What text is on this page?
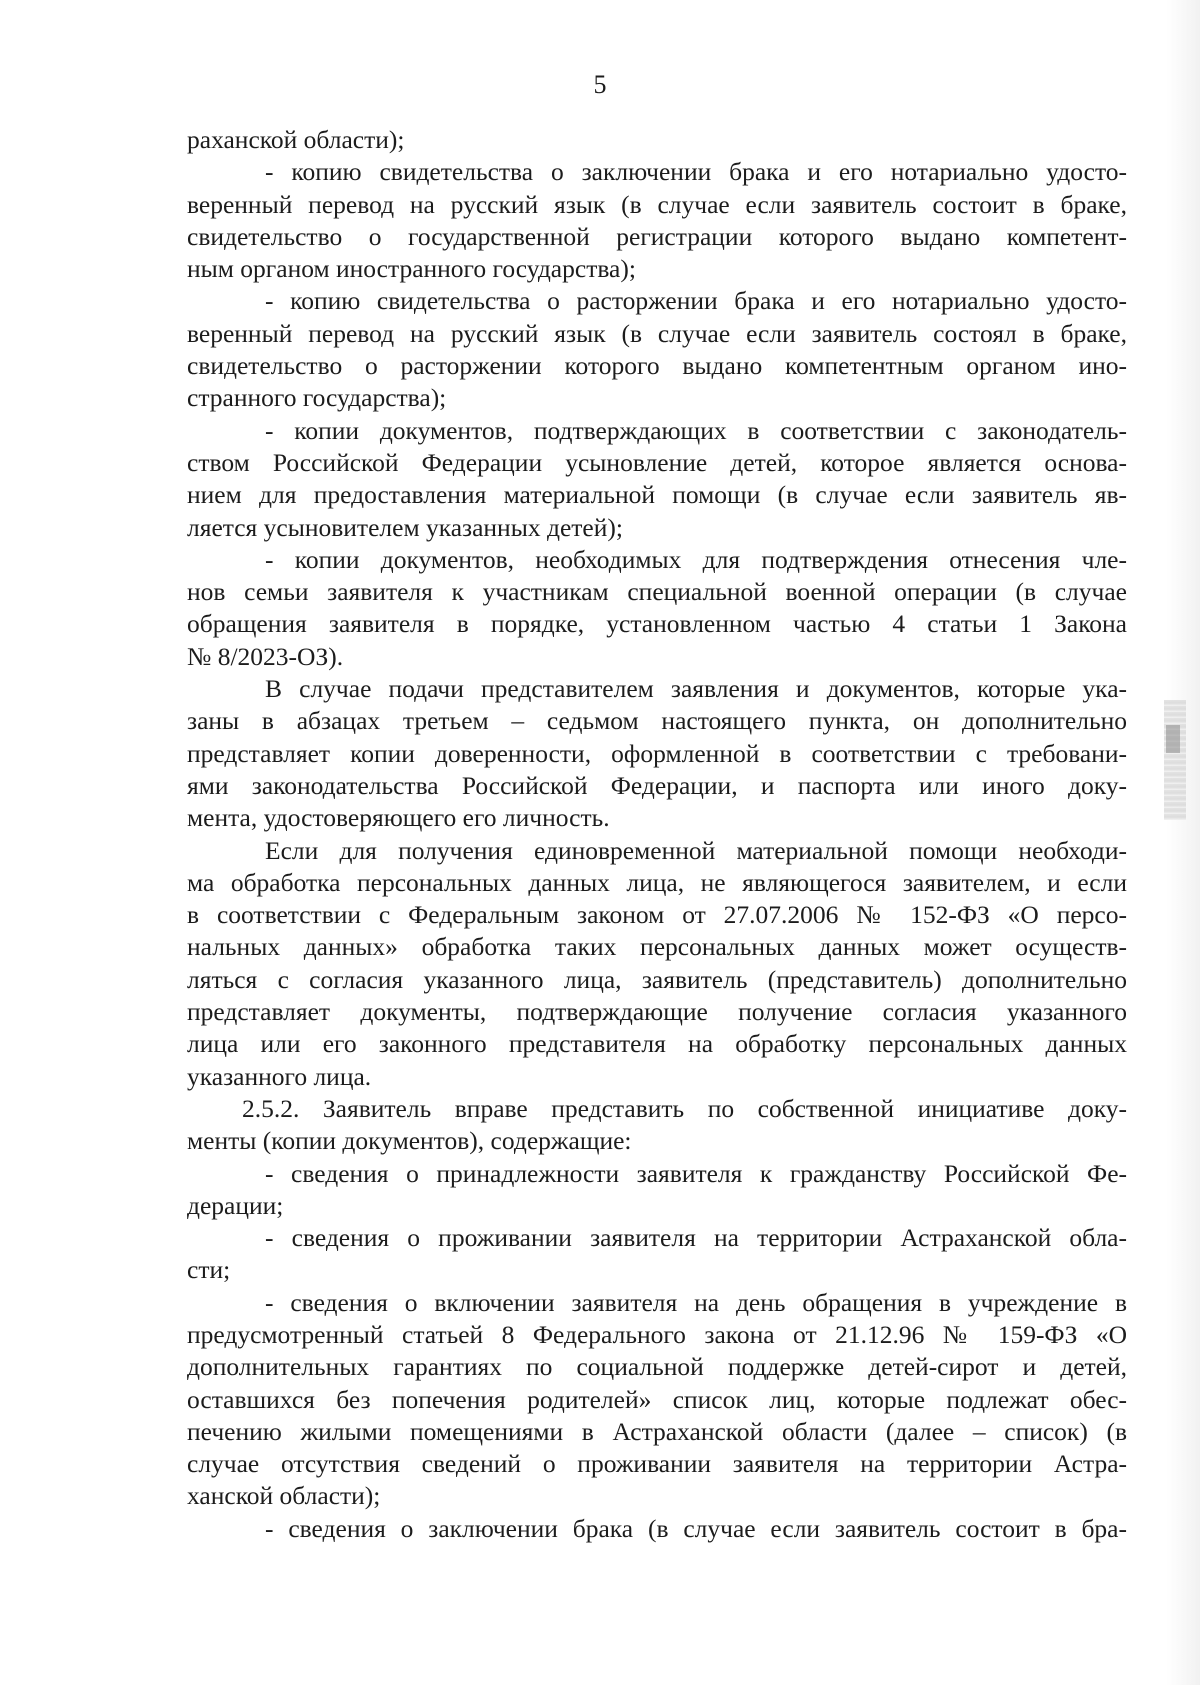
5
раханской области);
- копию свидетельства о заключении брака и его нотариально удосто-
веренный перевод на русский язык (в случае если заявитель состоит в браке,
свидетельство о государственной регистрации которого выдано компетент-
ным органом иностранного государства);
- копию свидетельства о расторжении брака и его нотариально удосто-
веренный перевод на русский язык (в случае если заявитель состоял в браке,
свидетельство о расторжении которого выдано компетентным органом ино-
странного государства);
- копии документов, подтверждающих в соответствии с законодатель-
ством Российской Федерации усыновление детей, которое является основа-
нием для предоставления материальной помощи (в случае если заявитель яв-
ляется усыновителем указанных детей);
- копии документов, необходимых для подтверждения отнесения чле-
нов семьи заявителя к участникам специальной военной операции (в случае
обращения заявителя в порядке, установленном частью 4 статьи 1 Закона
№ 8/2023-ОЗ).
В случае подачи представителем заявления и документов, которые ука-
заны в абзацах третьем – седьмом настоящего пункта, он дополнительно
представляет копии доверенности, оформленной в соответствии с требовани-
ями законодательства Российской Федерации, и паспорта или иного доку-
мента, удостоверяющего его личность.
Если для получения единовременной материальной помощи необходи-
ма обработка персональных данных лица, не являющегося заявителем, и если
в соответствии с Федеральным законом от 27.07.2006 № 152-ФЗ «О персо-
нальных данных» обработка таких персональных данных может осуществ-
ляться с согласия указанного лица, заявитель (представитель) дополнительно
представляет документы, подтверждающие получение согласия указанного
лица или его законного представителя на обработку персональных данных
указанного лица.
2.5.2. Заявитель вправе представить по собственной инициативе доку-
менты (копии документов), содержащие:
- сведения о принадлежности заявителя к гражданству Российской Фе-
дерации;
- сведения о проживании заявителя на территории Астраханской обла-
сти;
- сведения о включении заявителя на день обращения в учреждение в
предусмотренный статьей 8 Федерального закона от 21.12.96 № 159-ФЗ «О
дополнительных гарантиях по социальной поддержке детей-сирот и детей,
оставшихся без попечения родителей» список лиц, которые подлежат обес-
печению жилыми помещениями в Астраханской области (далее – список) (в
случае отсутствия сведений о проживании заявителя на территории Астра-
ханской области);
- сведения о заключении брака (в случае если заявитель состоит в бра-
